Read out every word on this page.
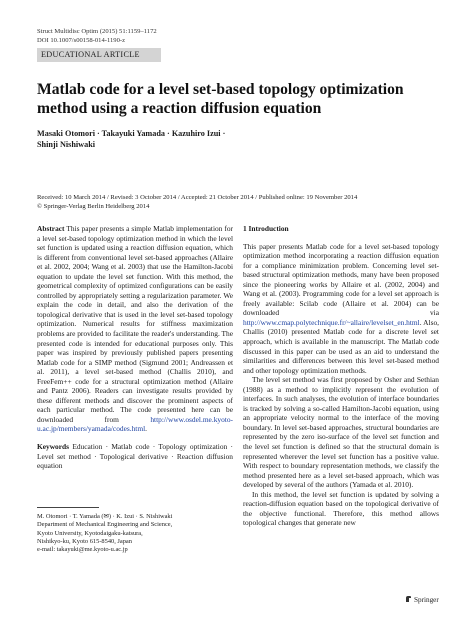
Struct Multidisc Optim (2015) 51:1159–1172
DOI 10.1007/s00158-014-1190-z
EDUCATIONAL ARTICLE
Matlab code for a level set-based topology optimization method using a reaction diffusion equation
Masaki Otomori · Takayuki Yamada · Kazuhiro Izui ·
Shinji Nishiwaki
Received: 10 March 2014 / Revised: 3 October 2014 / Accepted: 21 October 2014 / Published online: 19 November 2014
© Springer-Verlag Berlin Heidelberg 2014
Abstract This paper presents a simple Matlab implementation for a level set-based topology optimization method in which the level set function is updated using a reaction diffusion equation, which is different from conventional level set-based approaches (Allaire et al. 2002, 2004; Wang et al. 2003) that use the Hamilton-Jacobi equation to update the level set function. With this method, the geometrical complexity of optimized configurations can be easily controlled by appropriately setting a regularization parameter. We explain the code in detail, and also the derivation of the topological derivative that is used in the level set-based topology optimization. Numerical results for stiffness maximization problems are provided to facilitate the reader's understanding. The presented code is intended for educational purposes only. This paper was inspired by previously published papers presenting Matlab code for a SIMP method (Sigmund 2001; Andreassen et al. 2011), a level set-based method (Challis 2010), and FreeFem++ code for a structural optimization method (Allaire and Pantz 2006). Readers can investigate results provided by these different methods and discover the prominent aspects of each particular method. The code presented here can be downloaded from	http://www.osdel.me.kyoto-u.ac.jp/members/yamada/codes.html.
Keywords Education · Matlab code · Topology optimization · Level set method · Topological derivative · Reaction diffusion equation
M. Otomori · T. Yamada (✉) · K. Izui · S. Nishiwaki
Department of Mechanical Engineering and Science,
Kyoto University, Kyotodaigaku-katsura,
Nishikyo-ku, Kyoto 615-8540, Japan
e-mail: takayuki@me.kyoto-u.ac.jp
1 Introduction

This paper presents Matlab code for a level set-based topology optimization method incorporating a reaction diffusion equation for a compliance minimization problem. Concerning level set-based structural optimization methods, many have been proposed since the pioneering works by Allaire et al. (2002, 2004) and Wang et al. (2003). Programming code for a level set approach is freely available: Scilab code (Allaire et al. 2004) can be downloaded via http://www.cmap.polytechnique.fr/~allaire/levelset_en.html. Also, Challis (2010) presented Matlab code for a discrete level set approach, which is available in the manuscript. The Matlab code discussed in this paper can be used as an aid to understand the similarities and differences between this level set-based method and other topology optimization methods.

The level set method was first proposed by Osher and Sethian (1988) as a method to implicitly represent the evolution of interfaces. In such analyses, the evolution of interface boundaries is tracked by solving a so-called Hamilton-Jacobi equation, using an appropriate velocity normal to the interface of the moving boundary. In level set-based approaches, structural boundaries are represented by the zero iso-surface of the level set function and the level set function is defined so that the structural domain is represented wherever the level set function has a positive value. With respect to boundary representation methods, we classify the method presented here as a level set-based approach, which was developed by several of the authors (Yamada et al. 2010).

In this method, the level set function is updated by solving a reaction-diffusion equation based on the topological derivative of the objective functional. Therefore, this method allows topological changes that generate new

Springer
